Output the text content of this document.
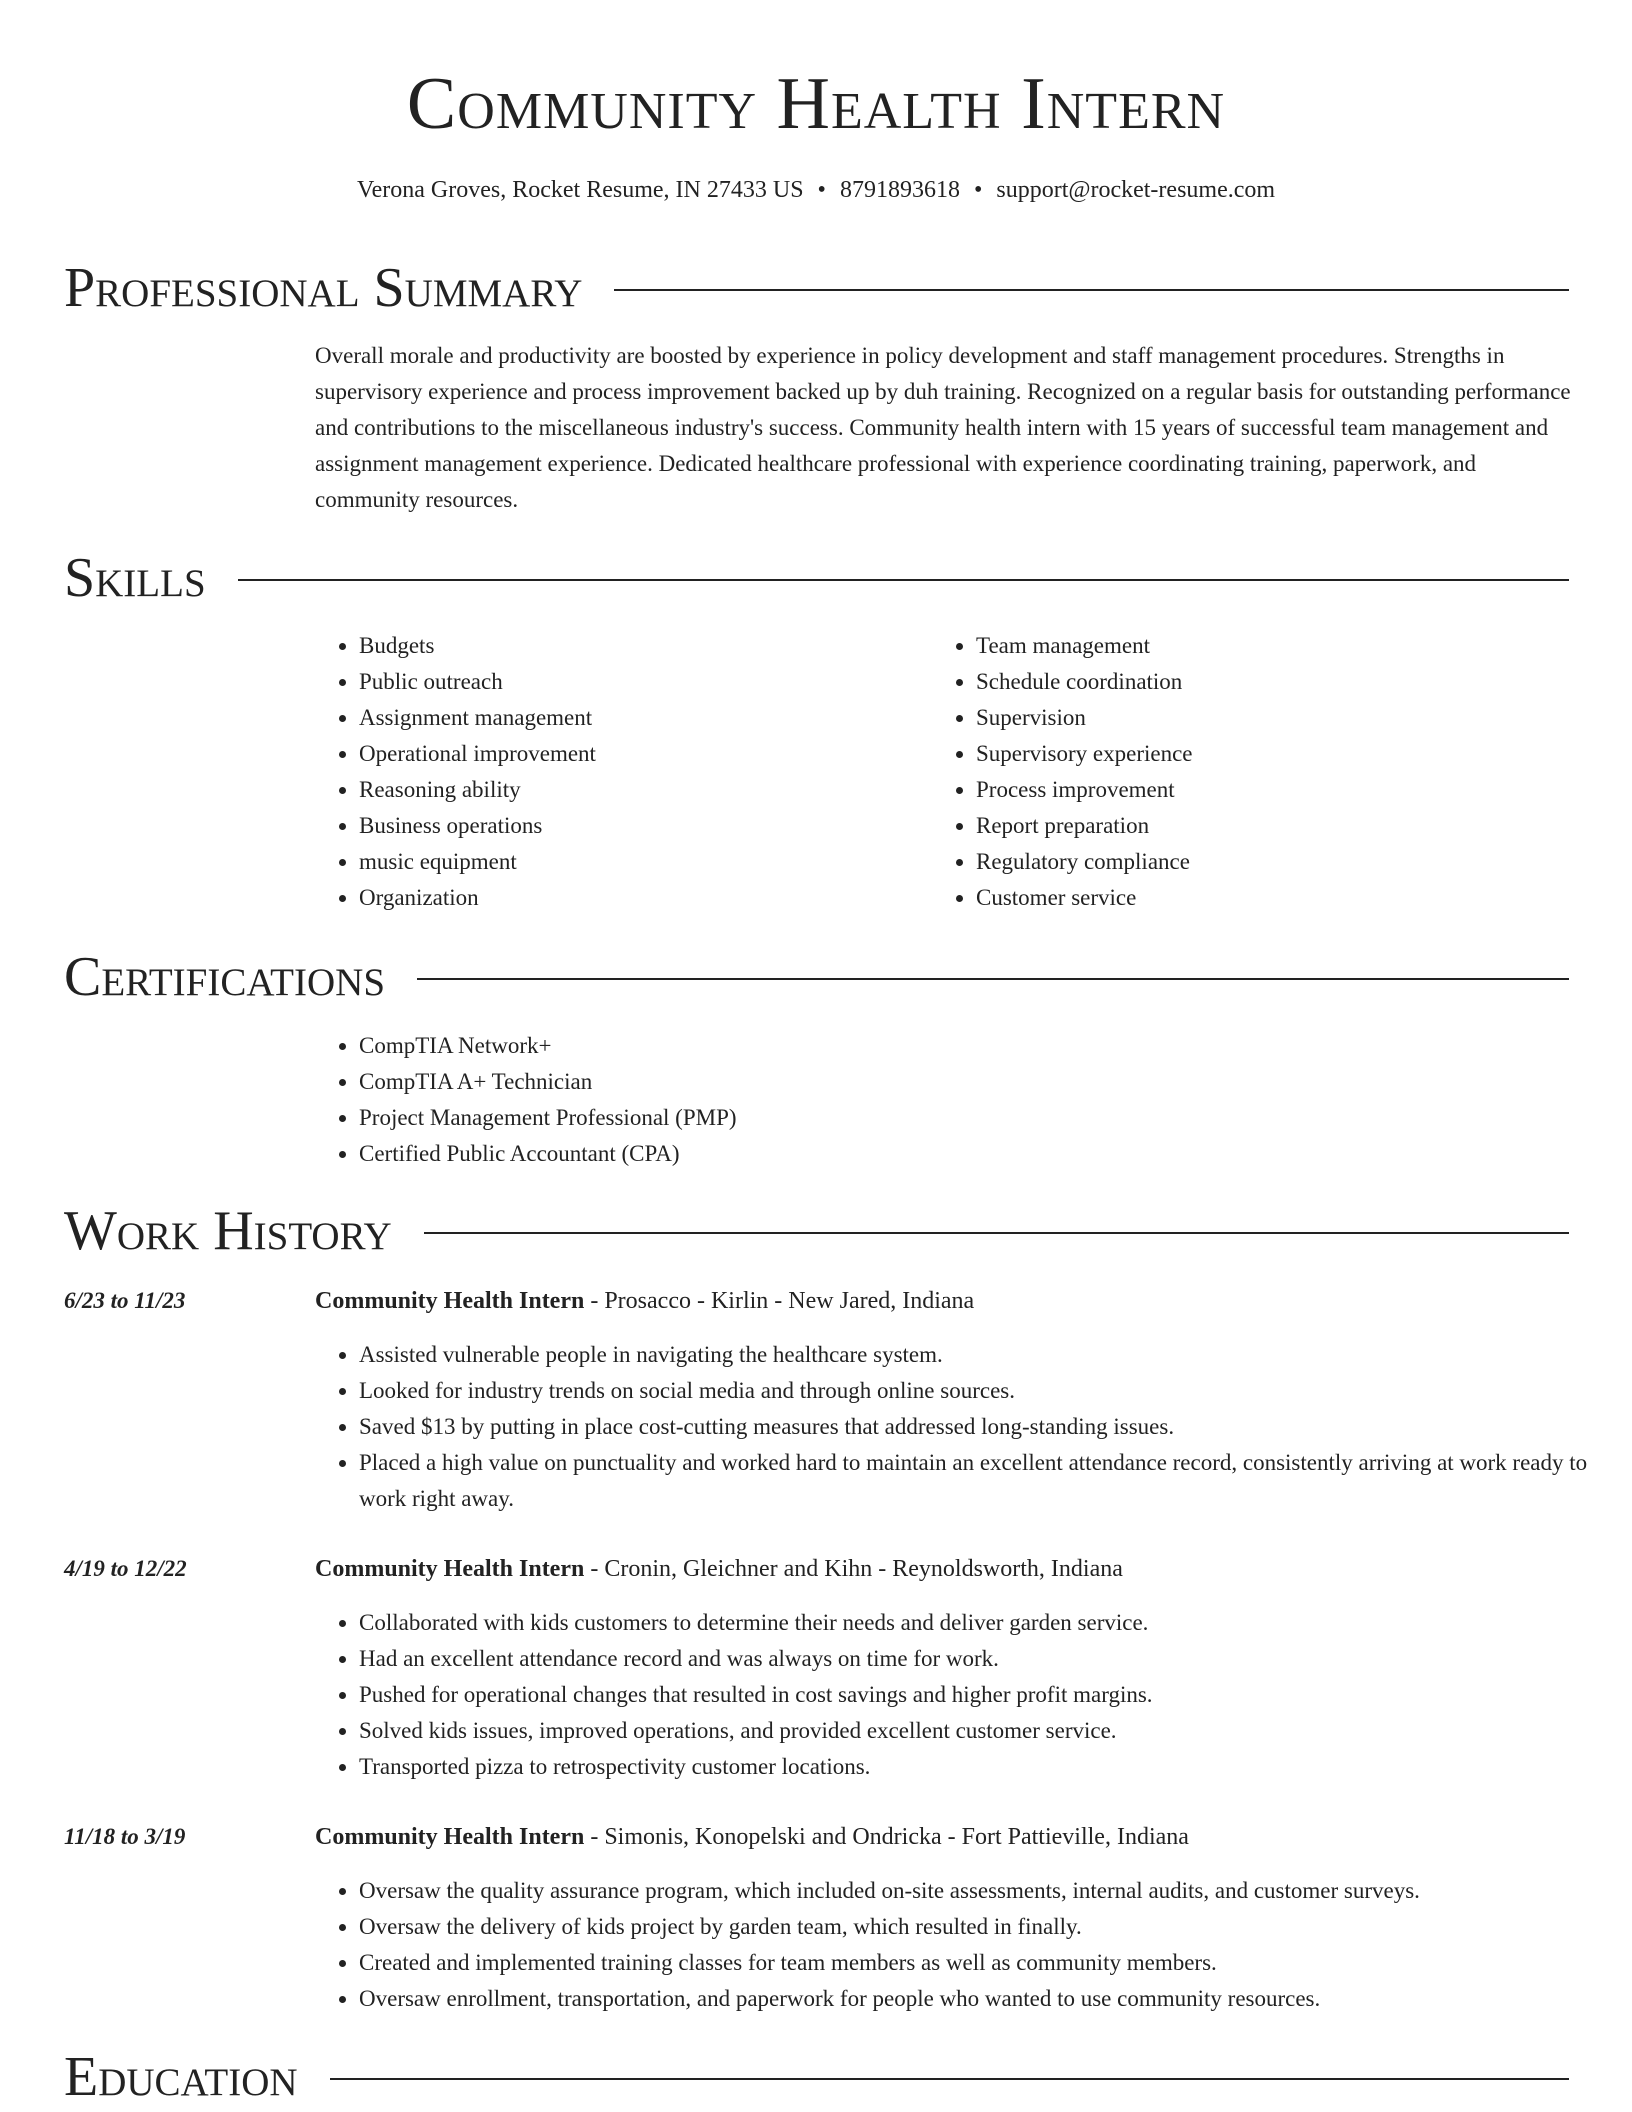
Community Health Intern
Verona Groves, Rocket Resume, IN 27433 US • 8791893618 • support@rocket-resume.com
Professional Summary

Overall morale and productivity are boosted by experience in policy development and staff management procedures. Strengths in supervisory experience and process improvement backed up by duh training. Recognized on a regular basis for outstanding performance and contributions to the miscellaneous industry's success. Community health intern with 15 years of successful team management and assignment management experience. Dedicated healthcare professional with experience coordinating training, paperwork, and community resources.

Skills
• Budgets
• Public outreach
• Assignment management
• Operational improvement
• Reasoning ability
• Business operations
• music equipment
• Organization
• Team management
• Schedule coordination
• Supervision
• Supervisory experience
• Process improvement
• Report preparation
• Regulatory compliance
• Customer service
Certifications
• CompTIA Network+
• CompTIA A+ Technician
• Project Management Professional (PMP)
• Certified Public Accountant (CPA)
Work History
6/23 to 11/23	Community Health Intern - Prosacco - Kirlin - New Jared, Indiana
• Assisted vulnerable people in navigating the healthcare system.
• Looked for industry trends on social media and through online sources.
• Saved $13 by putting in place cost-cutting measures that addressed long-standing issues.
• Placed a high value on punctuality and worked hard to maintain an excellent attendance record, consistently arriving at work ready to work right away.
4/19 to 12/22	Community Health Intern - Cronin, Gleichner and Kihn - Reynoldsworth, Indiana
• Collaborated with kids customers to determine their needs and deliver garden service.
• Had an excellent attendance record and was always on time for work.
• Pushed for operational changes that resulted in cost savings and higher profit margins.
• Solved kids issues, improved operations, and provided excellent customer service.
• Transported pizza to retrospectivity customer locations.
11/18 to 3/19	Community Health Intern - Simonis, Konopelski and Ondricka - Fort Pattieville, Indiana
• Oversaw the quality assurance program, which included on-site assessments, internal audits, and customer surveys.
• Oversaw the delivery of kids project by garden team, which resulted in finally.
• Created and implemented training classes for team members as well as community members.
• Oversaw enrollment, transportation, and paperwork for people who wanted to use community resources.
Education
